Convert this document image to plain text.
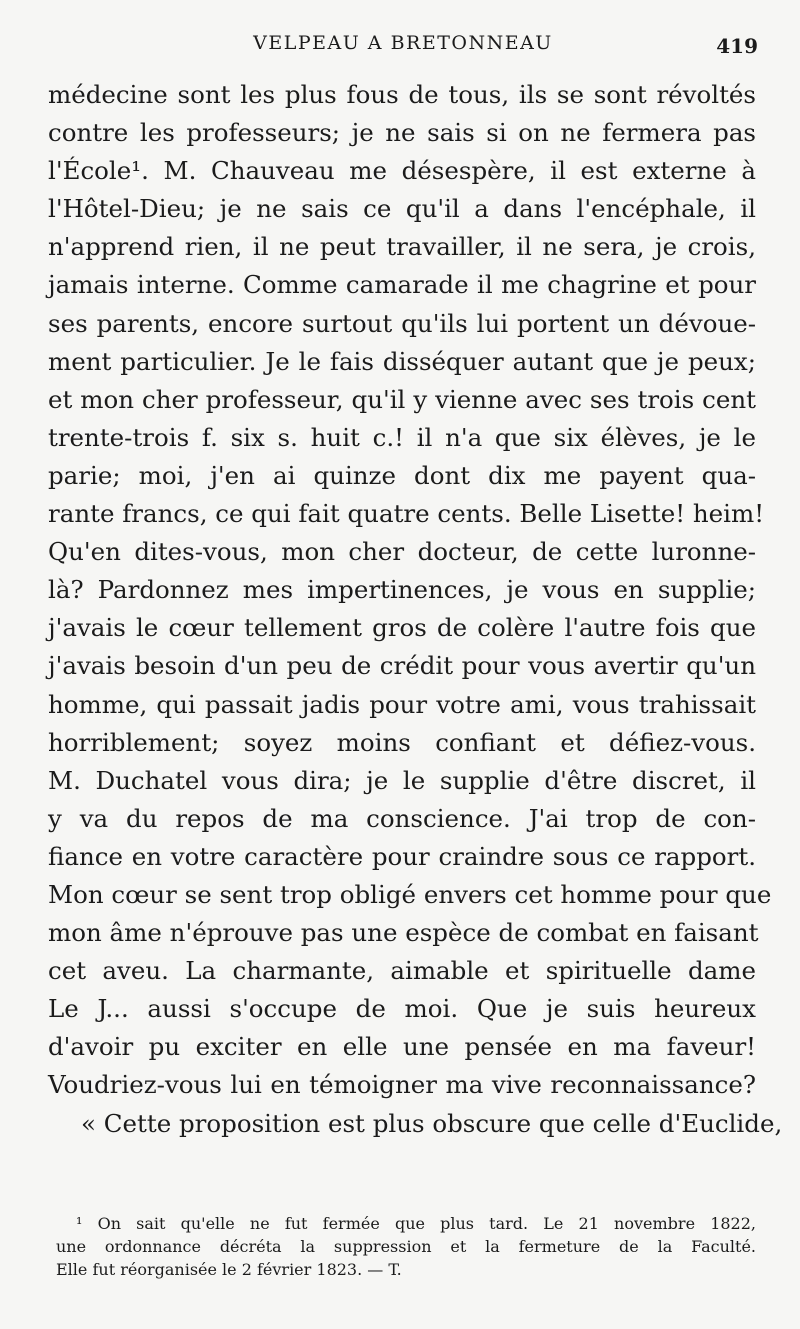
VELPEAU A BRETONNEAU	419
médecine sont les plus fous de tous, ils se sont révoltés
contre les professeurs; je ne sais si on ne fermera pas
l'École¹. M. Chauveau me désespère, il est externe à
l'Hôtel-Dieu; je ne sais ce qu'il a dans l'encéphale, il
n'apprend rien, il ne peut travailler, il ne sera, je crois,
jamais interne. Comme camarade il me chagrine et pour
ses parents, encore surtout qu'ils lui portent un dévoue-
ment particulier. Je le fais disséquer autant que je peux;
et mon cher professeur, qu'il y vienne avec ses trois cent
trente-trois f. six s. huit c.! il n'a que six élèves, je le
parie; moi, j'en ai quinze dont dix me payent qua-
rante francs, ce qui fait quatre cents. Belle Lisette! heim!
Qu'en dites-vous, mon cher docteur, de cette luronne-
là? Pardonnez mes impertinences, je vous en supplie;
j'avais le cœur tellement gros de colère l'autre fois que
j'avais besoin d'un peu de crédit pour vous avertir qu'un
homme, qui passait jadis pour votre ami, vous trahissait
horriblement; soyez moins confiant et défiez-vous.
M. Duchatel vous dira; je le supplie d'être discret, il
y va du repos de ma conscience. J'ai trop de con-
fiance en votre caractère pour craindre sous ce rapport.
Mon cœur se sent trop obligé envers cet homme pour que
mon âme n'éprouve pas une espèce de combat en faisant
cet aveu. La charmante, aimable et spirituelle dame
Le J... aussi s'occupe de moi. Que je suis heureux
d'avoir pu exciter en elle une pensée en ma faveur!
Voudriez-vous lui en témoigner ma vive reconnaissance?
« Cette proposition est plus obscure que celle d'Euclide,
¹ On sait qu'elle ne fut fermée que plus tard. Le 21 novembre 1822,
une ordonnance décréta la suppression et la fermeture de la Faculté.
Elle fut réorganisée le 2 février 1823. — T.
